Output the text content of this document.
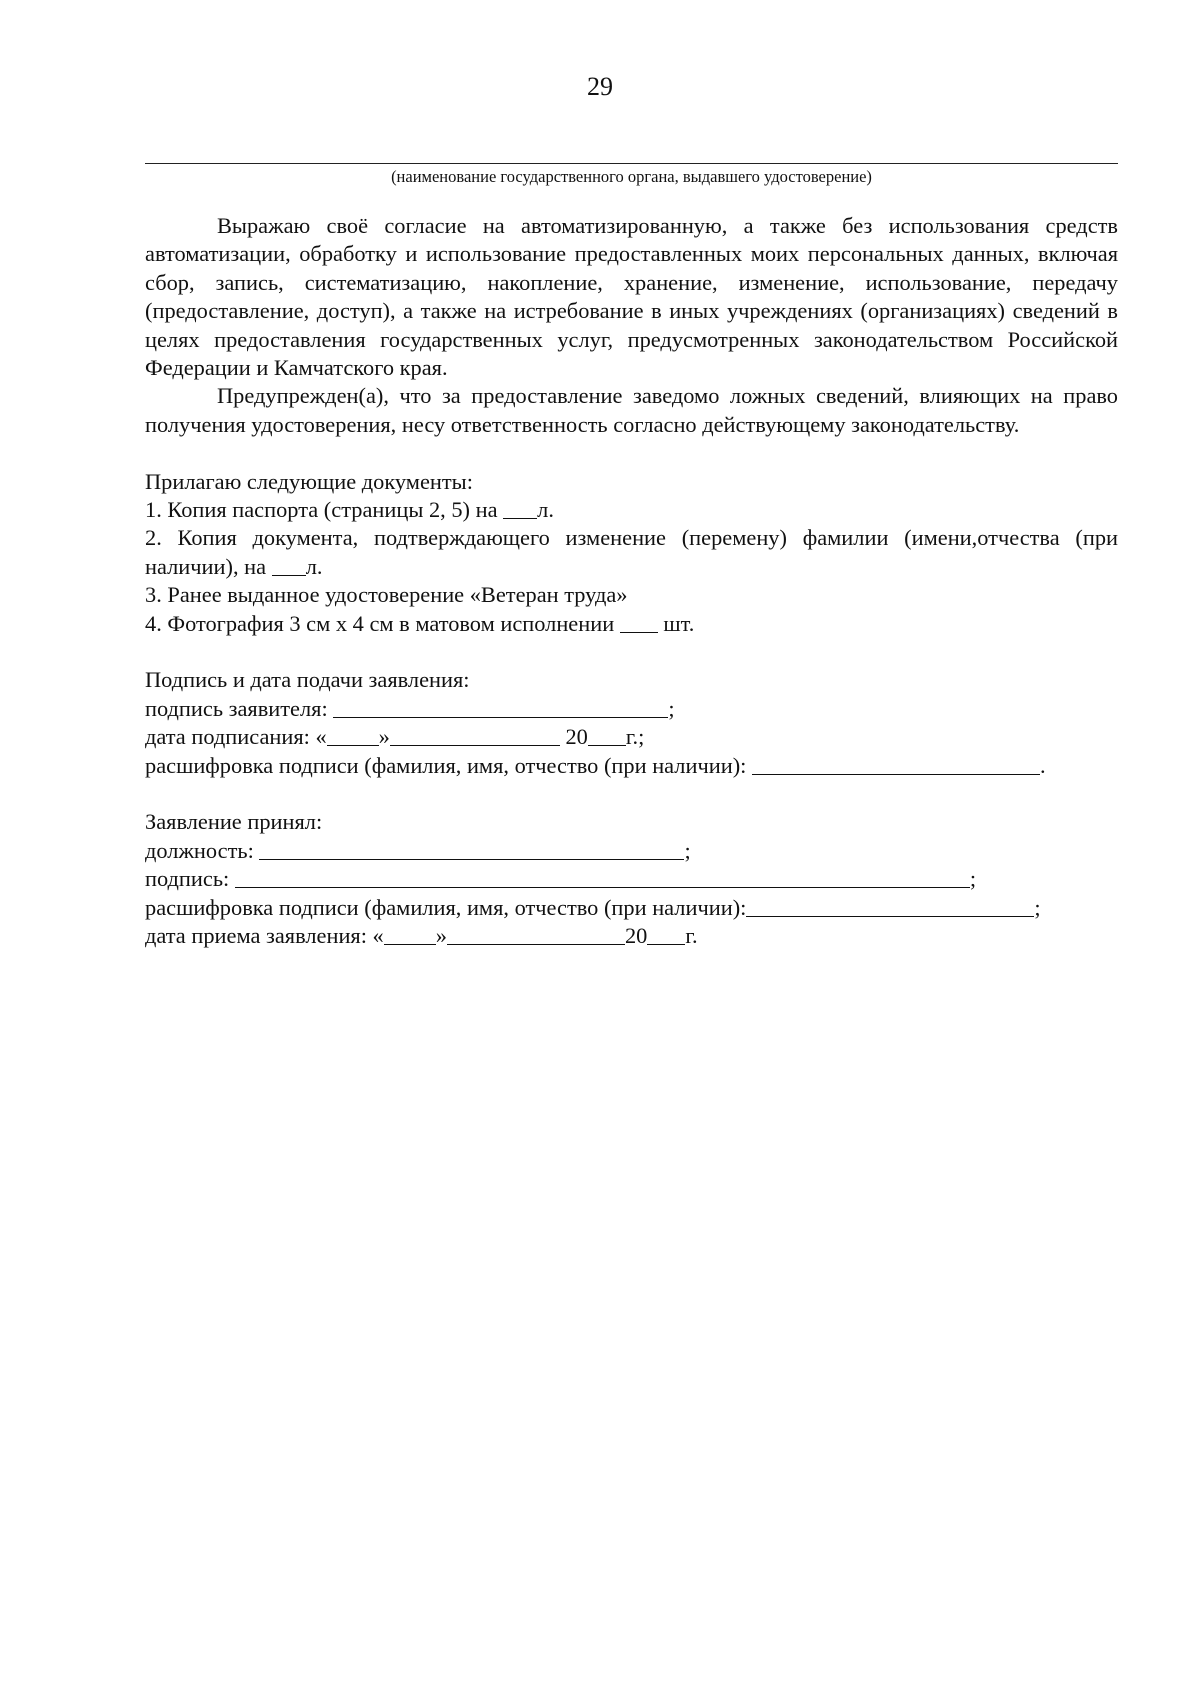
29
(наименование государственного органа, выдавшего удостоверение)

Выражаю своё согласие на автоматизированную, а также без использования средств автоматизации, обработку и использование предоставленных моих персональных данных, включая сбор, запись, систематизацию, накопление, хранение, изменение, использование, передачу (предоставление, доступ), а также на истребование в иных учреждениях (организациях) сведений в целях предоставления государственных услуг, предусмотренных законодательством Российской Федерации и Камчатского края.

Предупрежден(а), что за предоставление заведомо ложных сведений, влияющих на право получения удостоверения, несу ответственность согласно действующему законодательству.

Прилагаю следующие документы:

1. Копия паспорта (страницы 2, 5) на л.

2. Копия документа, подтверждающего изменение (перемену) фамилии (имени,отчества (при наличии), на л.

3. Ранее выданное удостоверение «Ветеран труда»

4. Фотография 3 см х 4 см в матовом исполнении шт.

Подпись и дата подачи заявления:

подпись заявителя:	;

дата подписания: « »	20 г.;

расшифровка подписи (фамилия, имя, отчество (при наличии):	.

Заявление принял:

должность:	;

подпись:	;

расшифровка подписи (фамилия, имя, отчество (при наличии):	;

дата приема заявления: « »	20 г.
